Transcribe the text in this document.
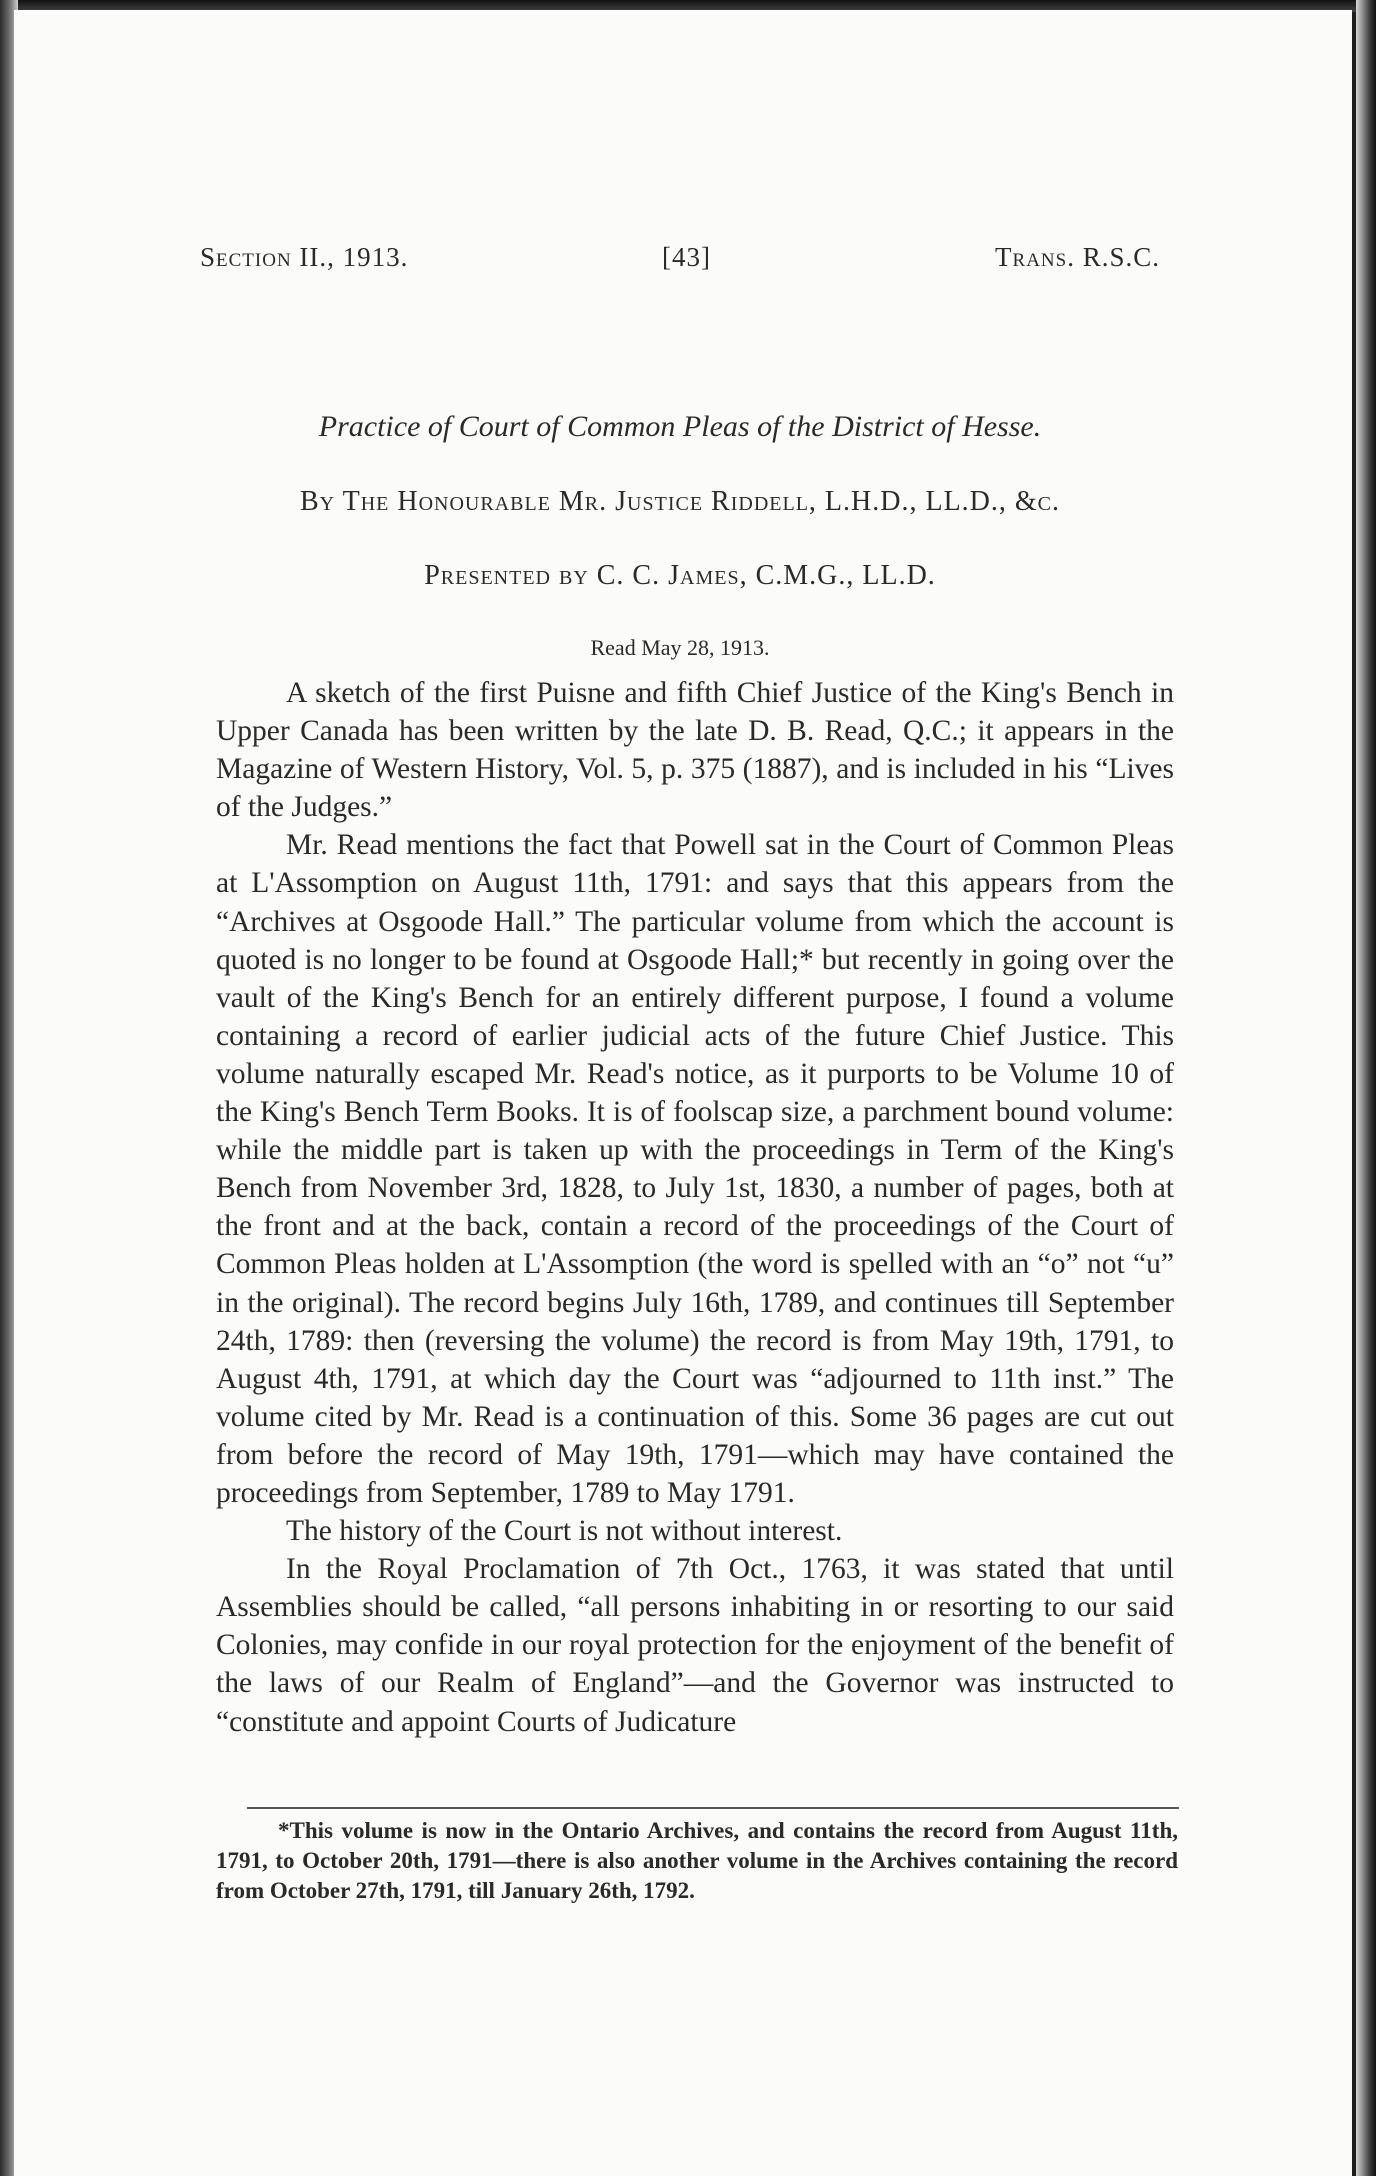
Section II., 1913.	[43]	Trans. R.S.C.
Practice of Court of Common Pleas of the District of Hesse.
By The Honourable Mr. Justice Riddell, L.H.D., LL.D., &c.
Presented by C. C. James, C.M.G., LL.D.
Read May 28, 1913.

A sketch of the first Puisne and fifth Chief Justice of the King's Bench in Upper Canada has been written by the late D. B. Read, Q.C.; it appears in the Magazine of Western History, Vol. 5, p. 375 (1887), and is included in his “Lives of the Judges.”

Mr. Read mentions the fact that Powell sat in the Court of Common Pleas at L'Assomption on August 11th, 1791: and says that this appears from the “Archives at Osgoode Hall.” The particular volume from which the account is quoted is no longer to be found at Osgoode Hall;* but recently in going over the vault of the King's Bench for an entirely different purpose, I found a volume containing a record of earlier judicial acts of the future Chief Justice. This volume naturally escaped Mr. Read's notice, as it purports to be Volume 10 of the King's Bench Term Books. It is of foolscap size, a parchment bound volume: while the middle part is taken up with the proceedings in Term of the King's Bench from November 3rd, 1828, to July 1st, 1830, a number of pages, both at the front and at the back, contain a record of the proceedings of the Court of Common Pleas holden at L'Assomption (the word is spelled with an “o” not “u” in the original). The record begins July 16th, 1789, and continues till September 24th, 1789: then (reversing the volume) the record is from May 19th, 1791, to August 4th, 1791, at which day the Court was “adjourned to 11th inst.” The volume cited by Mr. Read is a continuation of this. Some 36 pages are cut out from before the record of May 19th, 1791—which may have contained the proceedings from September, 1789 to May 1791.

The history of the Court is not without interest.

In the Royal Proclamation of 7th Oct., 1763, it was stated that until Assemblies should be called, “all persons inhabiting in or resorting to our said Colonies, may confide in our royal protection for the enjoyment of the benefit of the laws of our Realm of England”—and the Governor was instructed to “constitute and appoint Courts of Judicature

*This volume is now in the Ontario Archives, and contains the record from August 11th, 1791, to October 20th, 1791—there is also another volume in the Archives containing the record from October 27th, 1791, till January 26th, 1792.
